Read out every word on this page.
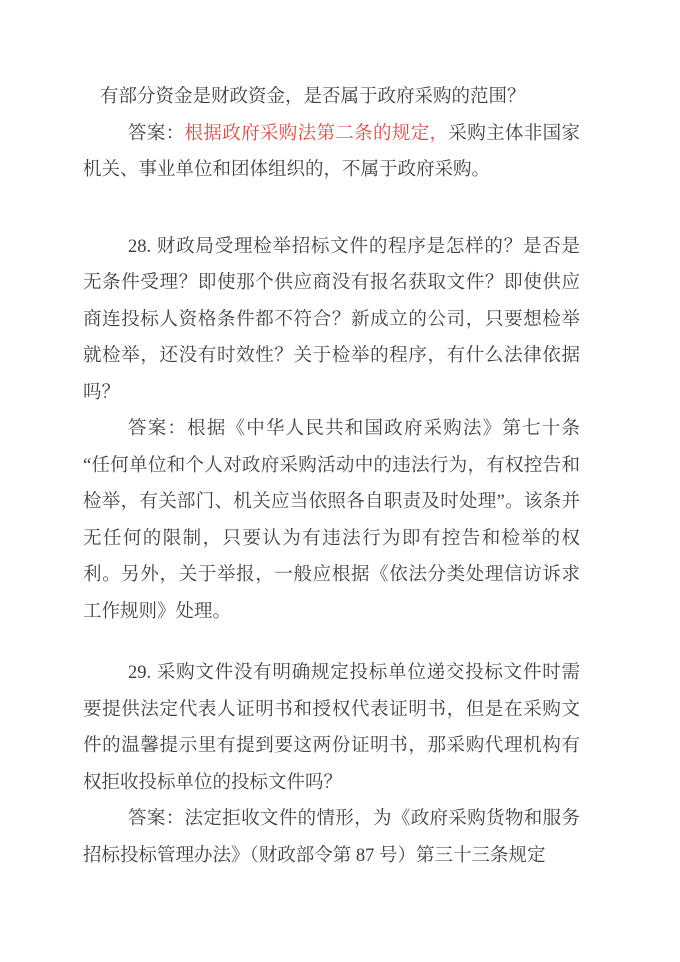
有部分资金是财政资金，是否属于政府采购的范围？

答案：根据政府采购法第二条的规定，采购主体非国家机关、事业单位和团体组织的，不属于政府采购。

28. 财政局受理检举招标文件的程序是怎样的？是否是无条件受理？即使那个供应商没有报名获取文件？即使供应商连投标人资格条件都不符合？新成立的公司，只要想检举就检举，还没有时效性？关于检举的程序，有什么法律依据吗？

答案：根据《中华人民共和国政府采购法》第七十条“任何单位和个人对政府采购活动中的违法行为，有权控告和检举，有关部门、机关应当依照各自职责及时处理”。该条并无任何的限制，只要认为有违法行为即有控告和检举的权利。另外，关于举报，一般应根据《依法分类处理信访诉求工作规则》处理。

29. 采购文件没有明确规定投标单位递交投标文件时需要提供法定代表人证明书和授权代表证明书，但是在采购文件的温馨提示里有提到要这两份证明书，那采购代理机构有权拒收投标单位的投标文件吗？

答案：法定拒收文件的情形，为《政府采购货物和服务招标投标管理办法》（财政部令第 87 号）第三十三条规定
